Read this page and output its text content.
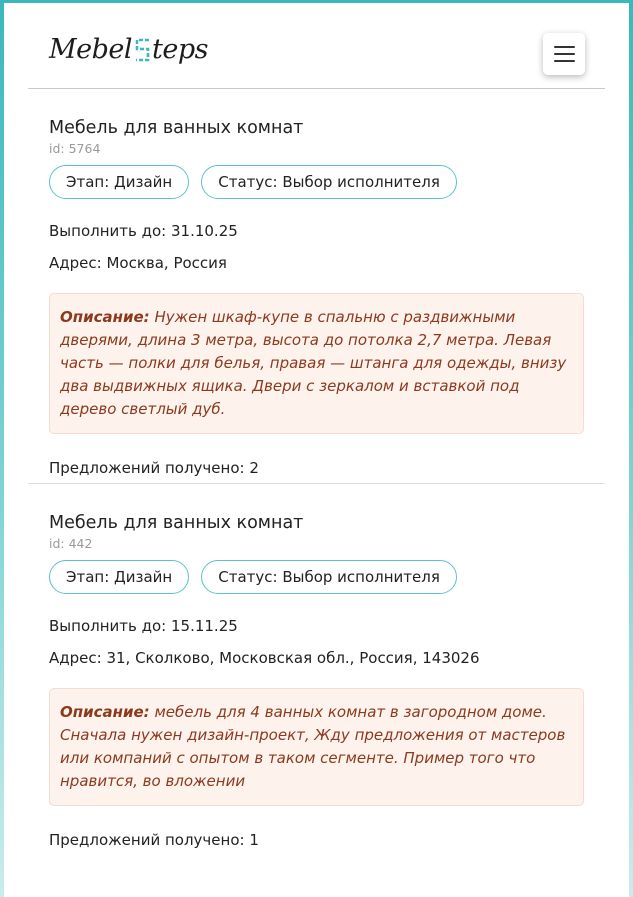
Mebel teps
Мебель для ванных комнат
id: 5764
Этап: Дизайн	Статус: Выбор исполнителя
Выполнить до: 31.10.25
Адрес: Москва, Россия
Описание: Нужен шкаф-купе в спальню с раздвижными дверями, длина 3 метра, высота до потолка 2,7 метра. Левая часть — полки для белья, правая — штанга для одежды, внизу два выдвижных ящика. Двери с зеркалом и вставкой под дерево светлый дуб.
Предложений получено: 2
Мебель для ванных комнат
id: 442
Этап: Дизайн	Статус: Выбор исполнителя
Выполнить до: 15.11.25
Адрес: 31, Сколково, Московская обл., Россия, 143026
Описание: мебель для 4 ванных комнат в загородном доме. Сначала нужен дизайн-проект, Жду предложения от мастеров или компаний с опытом в таком сегменте. Пример того что нравится, во вложении
Предложений получено: 1
